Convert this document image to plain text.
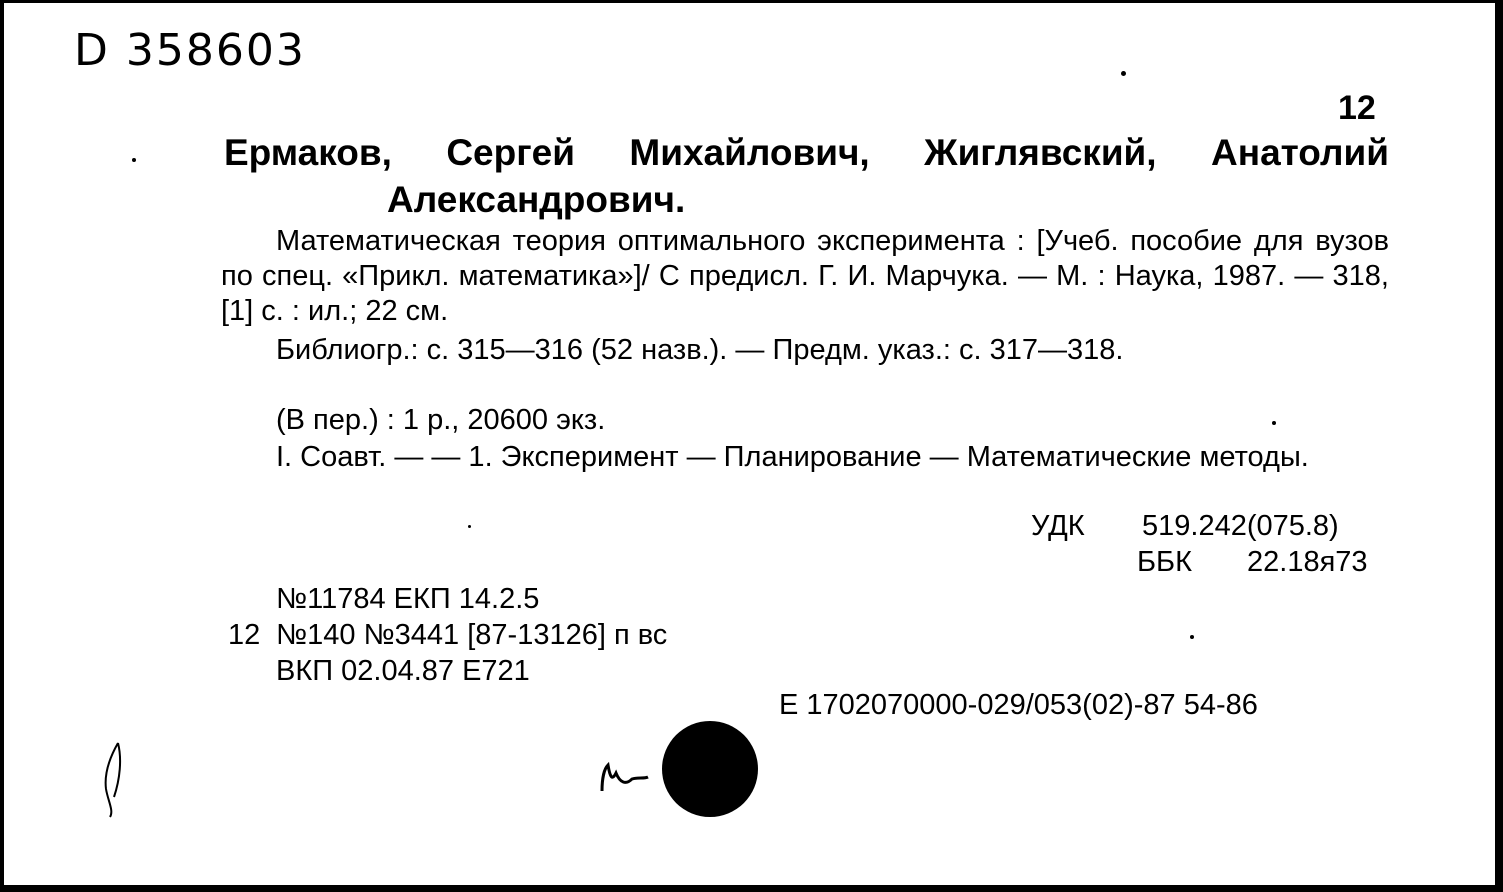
D 358603
12
Ермаков, Сергей Михайлович, Жиглявский, Анатолий
Александрович.
Математическая теория оптимального эксперимента : [Учеб. пособие для вузов по спец. «Прикл. математика»]/ С предисл. Г. И. Марчука. — М. : Наука, 1987. — 318, [1] с. : ил.; 22 см.
Библиогр.: с. 315—316 (52 назв.). — Предм. указ.: с. 317—318.
(В пер.) : 1 р., 20600 экз.
I. Соавт. — — 1. Эксперимент — Планирование — Математические методы.
УДК 519.242(075.8)
ББК 22.18я73
№11784 ЕКП 14.2.5
12 №140 №3441 [87-13126] п вс
ВКП 02.04.87 Е721
Е 1702070000-029/053(02)-87 54-86
